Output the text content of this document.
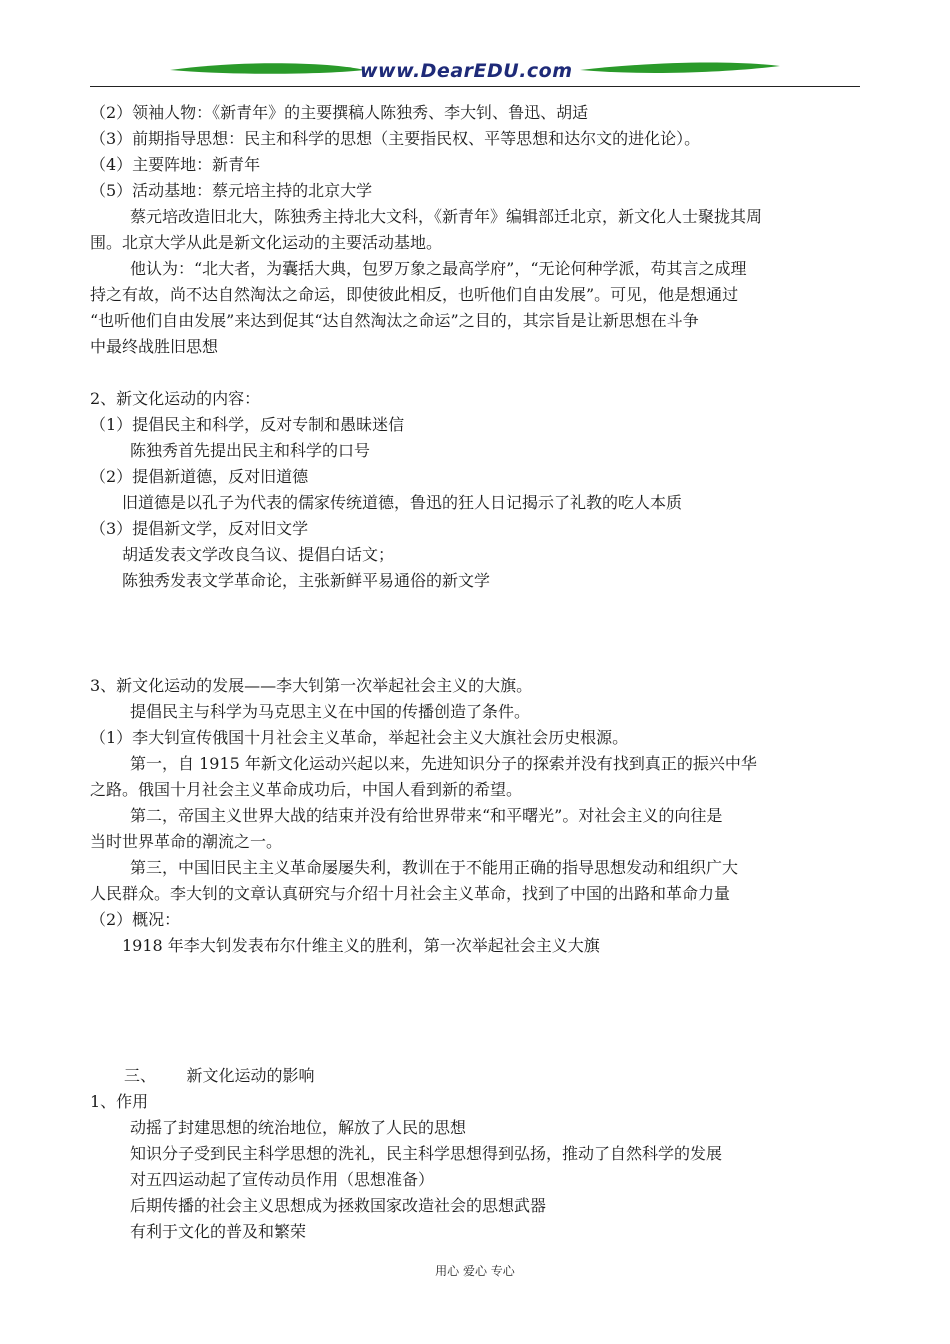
www.DearEDU.com
（2）领袖人物：《新青年》的主要撰稿人陈独秀、李大钊、鲁迅、胡适
（3）前期指导思想：民主和科学的思想（主要指民权、平等思想和达尔文的进化论）。
（4）主要阵地：新青年
（5）活动基地：蔡元培主持的北京大学
蔡元培改造旧北大，陈独秀主持北大文科，《新青年》编辑部迁北京，新文化人士聚拢其周
围。北京大学从此是新文化运动的主要活动基地。
他认为：“北大者，为囊括大典，包罗万象之最高学府”，“无论何种学派，苟其言之成理
持之有故，尚不达自然淘汰之命运，即使彼此相反，也听他们自由发展”。可见，他是想通过
“也听他们自由发展”来达到促其“达自然淘汰之命运”之目的，其宗旨是让新思想在斗争
中最终战胜旧思想
2、新文化运动的内容：
（1）提倡民主和科学，反对专制和愚昧迷信
陈独秀首先提出民主和科学的口号
（2）提倡新道德，反对旧道德
旧道德是以孔子为代表的儒家传统道德，鲁迅的狂人日记揭示了礼教的吃人本质
（3）提倡新文学，反对旧文学
胡适发表文学改良刍议、提倡白话文；
陈独秀发表文学革命论，主张新鲜平易通俗的新文学
3、新文化运动的发展——李大钊第一次举起社会主义的大旗。
提倡民主与科学为马克思主义在中国的传播创造了条件。
（1）李大钊宣传俄国十月社会主义革命，举起社会主义大旗社会历史根源。
第一，自 1915 年新文化运动兴起以来，先进知识分子的探索并没有找到真正的振兴中华
之路。俄国十月社会主义革命成功后，中国人看到新的希望。
第二，帝国主义世界大战的结束并没有给世界带来“和平曙光”。对社会主义的向往是
当时世界革命的潮流之一。
第三，中国旧民主主义革命屡屡失利，教训在于不能用正确的指导思想发动和组织广大
人民群众。李大钊的文章认真研究与介绍十月社会主义革命，找到了中国的出路和革命力量
（2）概况：
1918 年李大钊发表布尔什维主义的胜利，第一次举起社会主义大旗
三、      新文化运动的影响
1、作用
动摇了封建思想的统治地位，解放了人民的思想
知识分子受到民主科学思想的洗礼，民主科学思想得到弘扬，推动了自然科学的发展
对五四运动起了宣传动员作用（思想准备）
后期传播的社会主义思想成为拯救国家改造社会的思想武器
有利于文化的普及和繁荣
用心 爱心 专心
